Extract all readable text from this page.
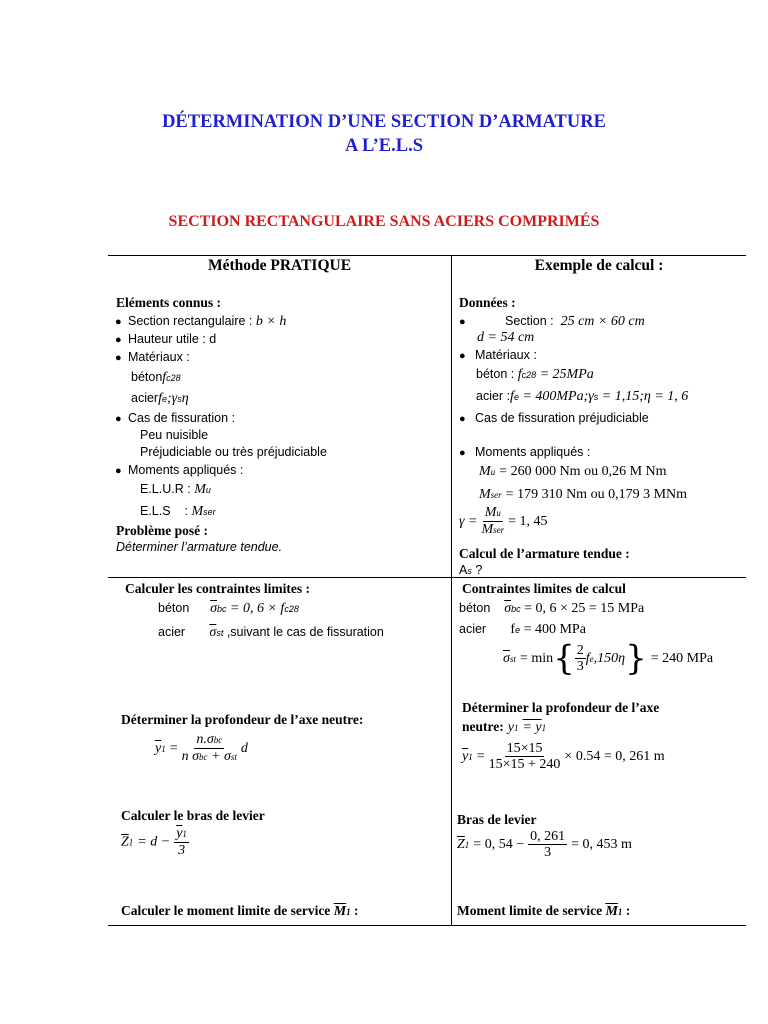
DÉTERMINATION D’UNE SECTION D’ARMATURE
A L’E.L.S
SECTION RECTANGULAIRE SANS ACIERS COMPRIMÉS
Méthode PRATIQUE	Exemple de calcul :
Eléments connus :
● Section rectangulaire : b × h
● Hauteur utile : d
● Matériaux :
bétonfc28
acierfe;γsη
● Cas de fissuration :
Peu nuisible
Préjudiciable ou très préjudiciable
● Moments appliqués :
E.L.U.R : Mu
E.L.S : Mser
Problème posé :
Déterminer l’armature tendue.
Données :
●	Section : 25 cm × 60 cm
d = 54 cm
● Matériaux :
béton : fc28 = 25MPa
acier :fe = 400MPa;γs = 1,15;η = 1, 6
● Cas de fissuration préjudiciable
● Moments appliqués :
Mu = 260 000 Nm ou 0,26 M Nm
Mser = 179 310 Nm ou 0,179 3 MNm
$\gamma = \frac{Mu}{\text{Mser}} = 1$, 45
Calcul de l’armature tendue :
As ?
Calculer les contraintes limites :
béton $\overline{\sigma}bc = 0$, 6 × fc28
acier $\overline{\sigma}st$ ,suivant le cas de fissuration
Déterminer la profondeur de l’axe neutre:
$\overline{y}1 = \frac{\text{n.σbc}}{\text{n σbc + σst}}$ d
Calculer le bras de levier
$\overline{Z}1 = d - \frac{\overline{y}1}{3}$
Calculer le moment limite de service $\overline{M}1$ :
Contraintes limites de calcul
béton $\overline{\sigma}bc = 0$, 6 × 25 = 15 MPa
acier fe = 400 MPa
$\overline{\sigma}st = \min\{ \frac{2}{3} fe,150\eta\} = 240$ MPa
Déterminer la profondeur de l’axe
neutre: y1 = y1
$\overline{y}1 = \frac{15\times 15}{15\times 15 + 240} \times 0.54 = 0$, 261 m
Bras de levier
$\overline{Z}1 = 0$, $54 - \frac{0, 261}{3} = 0$, 453 m
Moment limite de service $\overline{M}1$ :
